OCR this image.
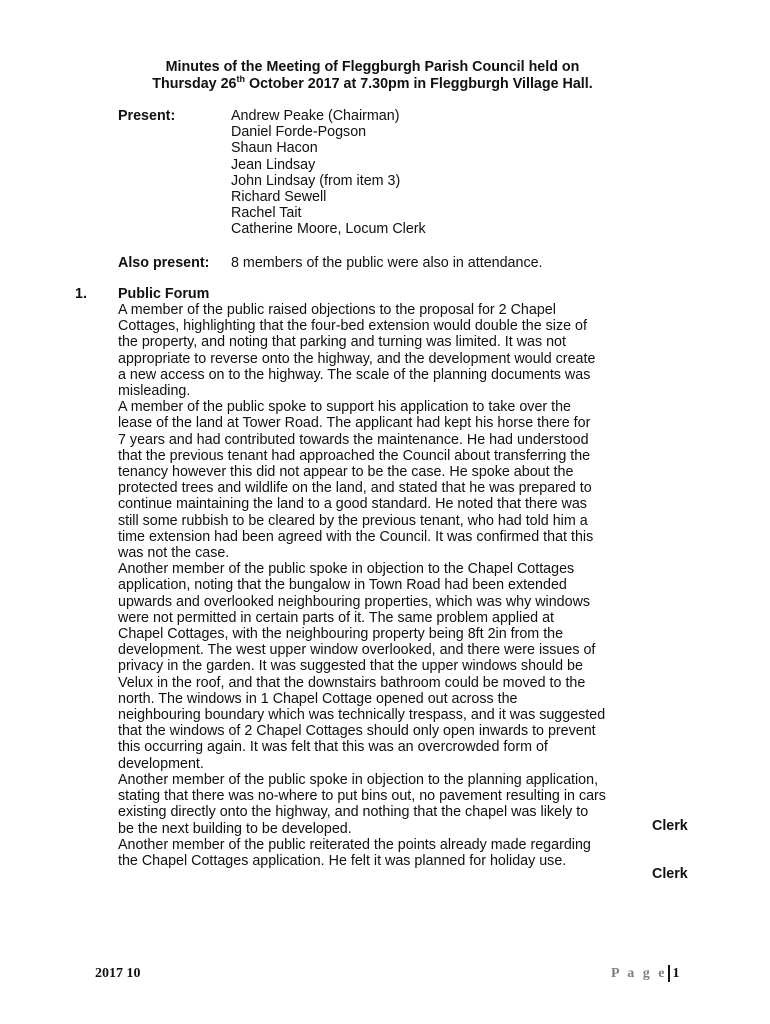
Minutes of the Meeting of Fleggburgh Parish Council held on
Thursday 26th October 2017 at 7.30pm in Fleggburgh Village Hall.
Present:	Andrew Peake (Chairman)
Daniel Forde-Pogson
Shaun Hacon
Jean Lindsay
John Lindsay (from item 3)
Richard Sewell
Rachel Tait
Catherine Moore, Locum Clerk
Also present: 8 members of the public were also in attendance.
1. Public Forum
A member of the public raised objections to the proposal for 2 Chapel
Cottages, highlighting that the four-bed extension would double the size of
the property, and noting that parking and turning was limited. It was not
appropriate to reverse onto the highway, and the development would create
a new access on to the highway. The scale of the planning documents was
misleading.
A member of the public spoke to support his application to take over the
lease of the land at Tower Road. The applicant had kept his horse there for
7 years and had contributed towards the maintenance. He had understood
that the previous tenant had approached the Council about transferring the
tenancy however this did not appear to be the case. He spoke about the
protected trees and wildlife on the land, and stated that he was prepared to
continue maintaining the land to a good standard. He noted that there was
still some rubbish to be cleared by the previous tenant, who had told him a
time extension had been agreed with the Council. It was confirmed that this
was not the case.
Another member of the public spoke in objection to the Chapel Cottages
application, noting that the bungalow in Town Road had been extended
upwards and overlooked neighbouring properties, which was why windows
were not permitted in certain parts of it. The same problem applied at
Chapel Cottages, with the neighbouring property being 8ft 2in from the
development. The west upper window overlooked, and there were issues of
privacy in the garden. It was suggested that the upper windows should be
Velux in the roof, and that the downstairs bathroom could be moved to the
north. The windows in 1 Chapel Cottage opened out across the
neighbouring boundary which was technically trespass, and it was suggested
that the windows of 2 Chapel Cottages should only open inwards to prevent
this occurring again. It was felt that this was an overcrowded form of
development.
Another member of the public spoke in objection to the planning application,
stating that there was no-where to put bins out, no pavement resulting in cars
existing directly onto the highway, and nothing that the chapel was likely to
be the next building to be developed.
Another member of the public reiterated the points already made regarding
the Chapel Cottages application. He felt it was planned for holiday use.
Clerk
Clerk
2017 10	P a g e 1
